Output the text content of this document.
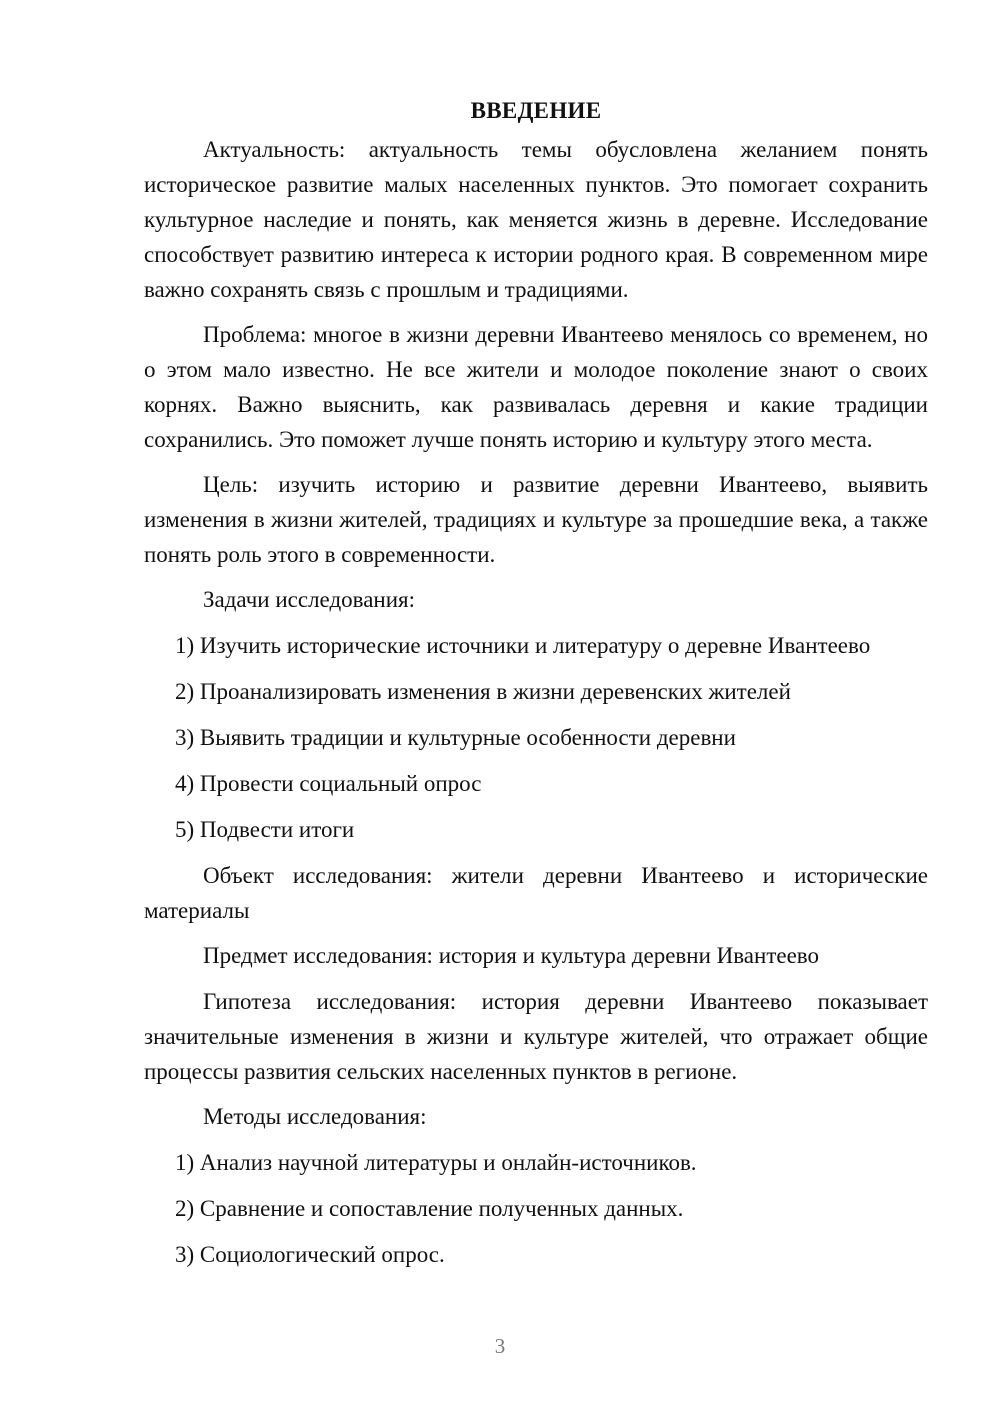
ВВЕДЕНИЕ

Актуальность: актуальность темы обусловлена желанием понять историческое развитие малых населенных пунктов. Это помогает сохранить культурное наследие и понять, как меняется жизнь в деревне. Исследование способствует развитию интереса к истории родного края. В современном мире важно сохранять связь с прошлым и традициями.

Проблема: многое в жизни деревни Ивантеево менялось со временем, но о этом мало известно. Не все жители и молодое поколение знают о своих корнях. Важно выяснить, как развивалась деревня и какие традиции сохранились. Это поможет лучше понять историю и культуру этого места.

Цель: изучить историю и развитие деревни Ивантеево, выявить изменения в жизни жителей, традициях и культуре за прошедшие века, а также понять роль этого в современности.

Задачи исследования:

1) Изучить исторические источники и литературу о деревне Ивантеево
2) Проанализировать изменения в жизни деревенских жителей
3) Выявить традиции и культурные особенности деревни
4) Провести социальный опрос
5) Подвести итоги

Объект исследования: жители деревни Ивантеево и исторические материалы

Предмет исследования: история и культура деревни Ивантеево

Гипотеза исследования: история деревни Ивантеево показывает значительные изменения в жизни и культуре жителей, что отражает общие процессы развития сельских населенных пунктов в регионе.

Методы исследования:

1) Анализ научной литературы и онлайн-источников.
2) Сравнение и сопоставление полученных данных.
3) Социологический опрос.
3
